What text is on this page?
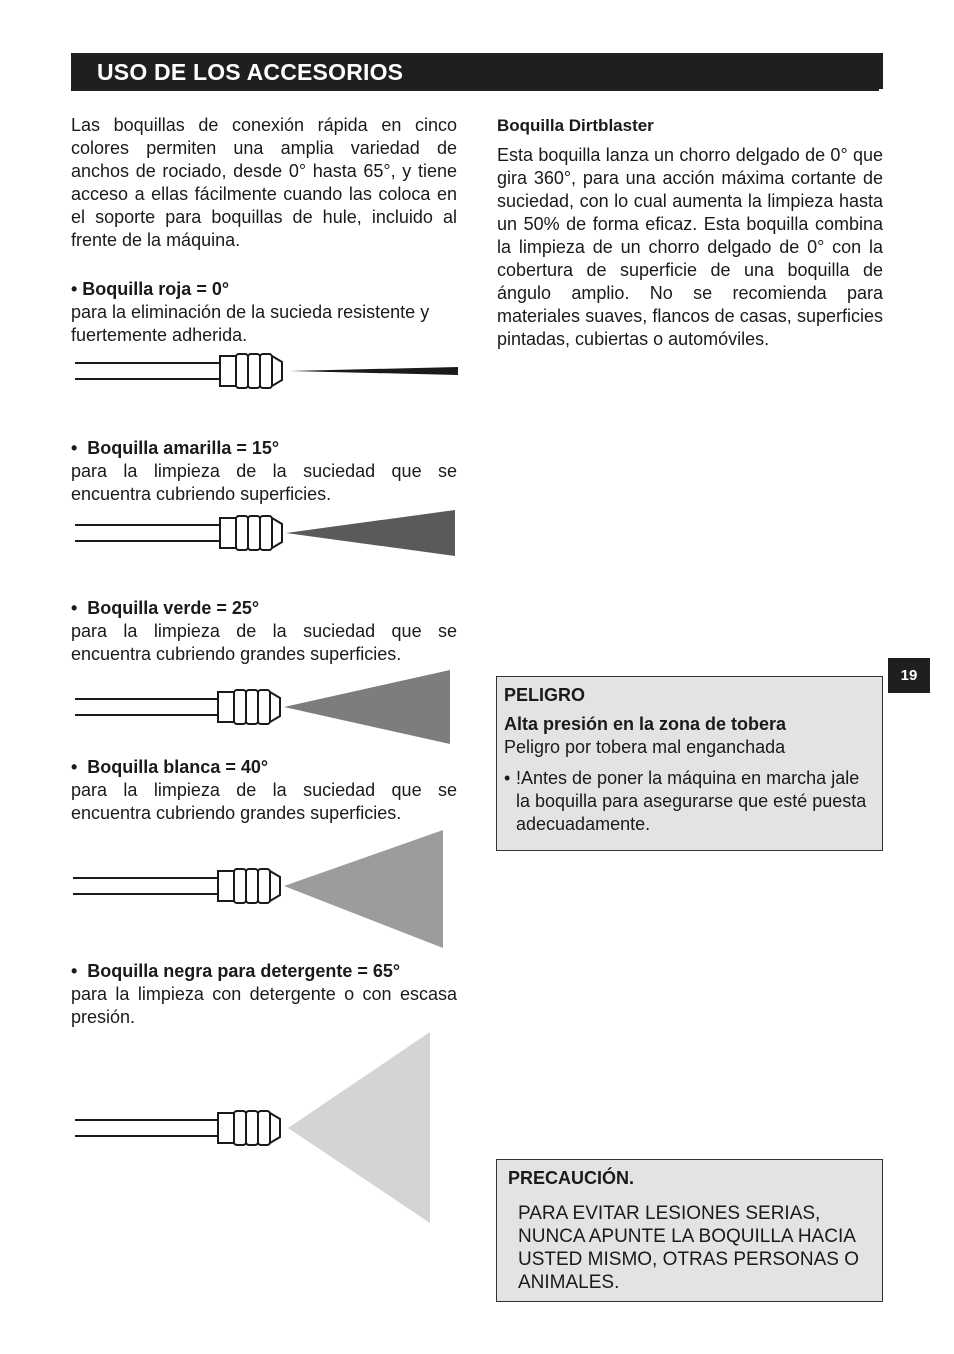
USO DE LOS ACCESORIOS
Las boquillas de conexión rápida en cinco colores permiten una amplia variedad de anchos de rociado, desde 0° hasta 65°, y tiene acceso a ellas fácilmente cuando las coloca en el soporte para boquillas de hule, incluido al frente de la máquina.
• Boquilla roja = 0°
para la eliminación de la sucieda resistente y fuertemente adherida.
•  Boquilla amarilla = 15°
para la limpieza de la suciedad que se encuentra cubriendo superficies.
•  Boquilla verde = 25°
para la limpieza de la suciedad que se encuentra cubriendo grandes superficies.
•  Boquilla blanca = 40°
para la limpieza de la suciedad que se encuentra cubriendo grandes superficies.
•  Boquilla negra para detergente = 65°
para la limpieza con detergente o con escasa presión.
Boquilla Dirtblaster
Esta boquilla lanza un chorro delgado de 0° que gira 360°, para una acción máxima cortante de suciedad, con lo cual aumenta la limpieza hasta un 50% de forma eficaz. Esta boquilla combina la limpieza de un chorro delgado de 0° con la cobertura de superficie de una boquilla de ángulo amplio. No se recomienda para materiales suaves, flancos de casas, superficies pintadas, cubiertas o automóviles.
PELIGRO
Alta presión en la zona de tobera
Peligro por tobera mal enganchada
• !Antes de poner la máquina en marcha jale la boquilla para asegurarse que esté puesta adecuadamente.
PRECAUCIÓN.
PARA EVITAR LESIONES SERIAS, NUNCA APUNTE LA BOQUILLA HACIA USTED MISMO, OTRAS PERSONAS O ANIMALES.
19
